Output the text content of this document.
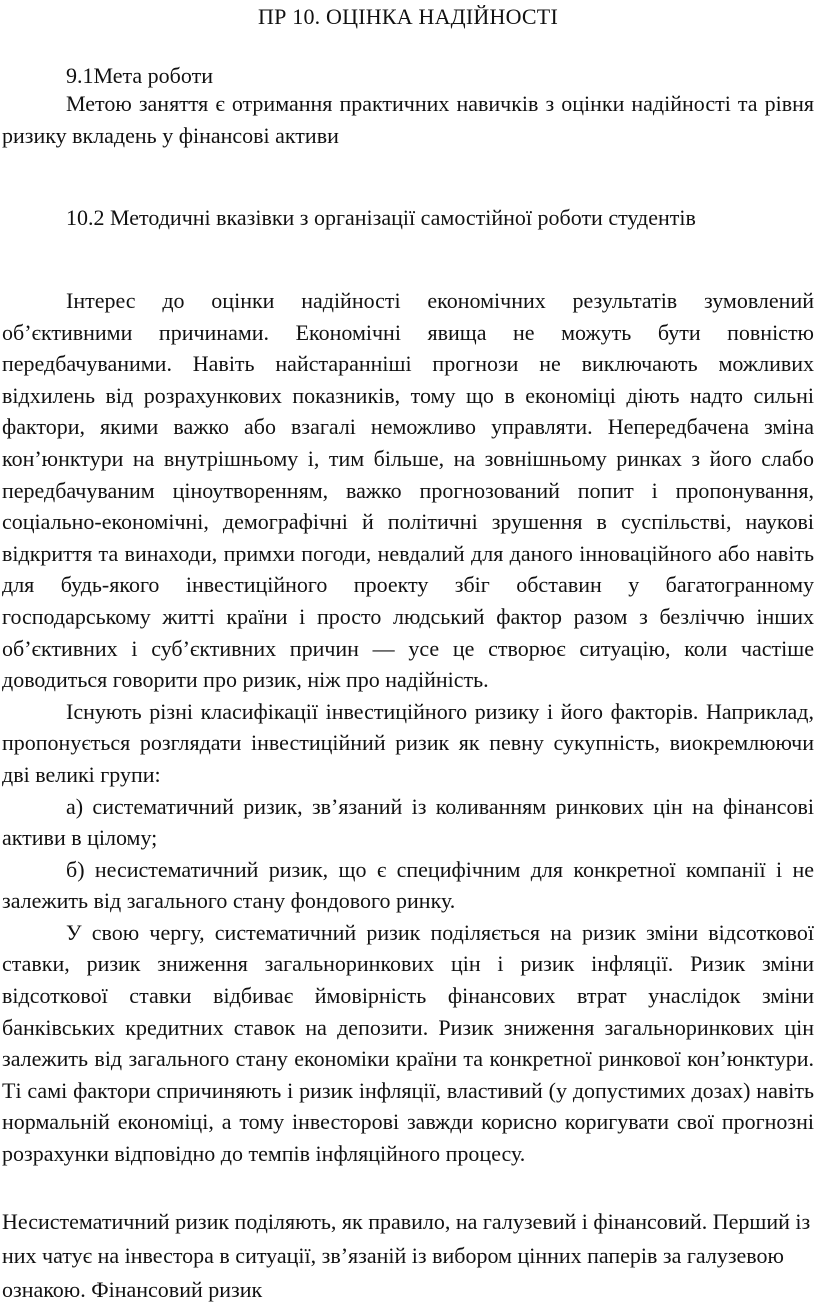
ПР 10. ОЦІНКА НАДІЙНОСТІ
9.1Мета роботи

Метою заняття є отримання практичних навичків з оцінки надійності та рівня ризику вкладень у фінансові активи

10.2 Методичні вказівки з організації самостійної роботи студентів

Інтерес до оцінки надійності економічних результатів зумовлений об’єктивними причинами. Економічні явища не можуть бути повністю передбачуваними. Навіть найстаранніші прогнози не виключають можливих відхилень від розрахункових показників, тому що в економіці діють надто сильні фактори, якими важко або взагалі неможливо управляти. Непередбачена зміна кон’юнктури на внутрішньому і, тим більше, на зовнішньому ринках з його слабо передбачуваним ціноутворенням, важко прогнозований попит і пропонування, соціально-економічні, демографічні й політичні зрушення в суспільстві, наукові відкриття та винаходи, примхи погоди, невдалий для даного інноваційного або навіть для будь-якого інвестиційного проекту збіг обставин у багатогранному господарському житті країни і просто людський фактор разом з безліччю інших об’єктивних і суб’єктивних причин — усе це створює ситуацію, коли частіше доводиться говорити про ризик, ніж про надійність.

Існують різні класифікації інвестиційного ризику і його факторів. Наприклад, пропонується розглядати інвестиційний ризик як певну сукупність, виокремлюючи дві великі групи:

а) систематичний ризик, зв’язаний із коливанням ринкових цін на фінансові активи в цілому;

б) несистематичний ризик, що є специфічним для конкретної компанії і не залежить від загального стану фондового ринку.

У свою чергу, систематичний ризик поділяється на ризик зміни відсоткової ставки, ризик зниження загальноринкових цін і ризик інфляції. Ризик зміни відсоткової ставки відбиває ймовірність фінансових втрат унаслідок зміни банківських кредитних ставок на депозити. Ризик зниження загальноринкових цін залежить від загального стану економіки країни та конкретної ринкової кон’юнктури. Ті самі фактори спричиняють і ризик інфляції, властивий (у допустимих дозах) навіть нормальній економіці, а тому інвесторові завжди корисно коригувати свої прогнозні розрахунки відповідно до темпів інфляційного процесу.

Несистематичний ризик поділяють, як правило, на галузевий і фінансовий. Перший із них чатує на інвестора в ситуації, зв’язаній із вибором цінних паперів за галузевою ознакою. Фінансовий ризик
